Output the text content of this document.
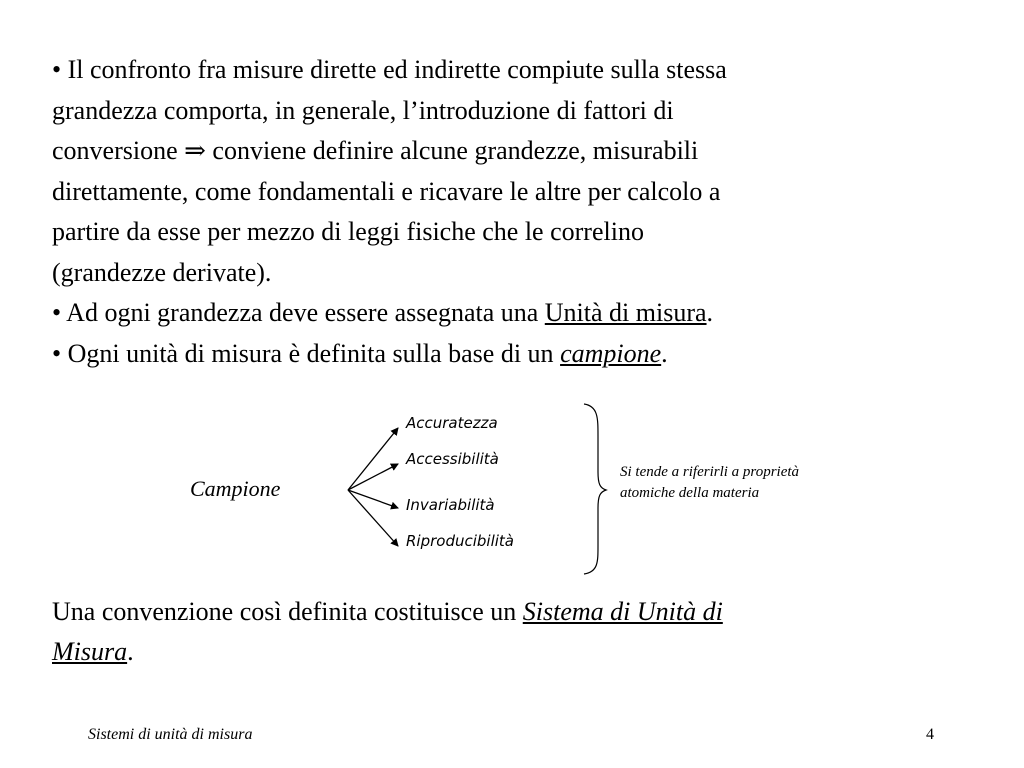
• Il confronto fra misure dirette ed indirette compiute sulla stessa
grandezza comporta, in generale, l’introduzione di fattori di
conversione ⇒ conviene definire alcune grandezze, misurabili
direttamente, come fondamentali e ricavare le altre per calcolo a
partire da esse per mezzo di leggi fisiche che le correlino
(grandezze derivate).
• Ad ogni grandezza deve essere assegnata una Unità di misura.
• Ogni unità di misura è definita sulla base di un campione.
Campione
Accuratezza
Accessibilità
Invariabilità
Riproducibilità
Si tende a riferirli a proprietà
atomiche della materia
Una convenzione così definita costituisce un Sistema di Unità di
Misura.
Sistemi di unità di misura	4
